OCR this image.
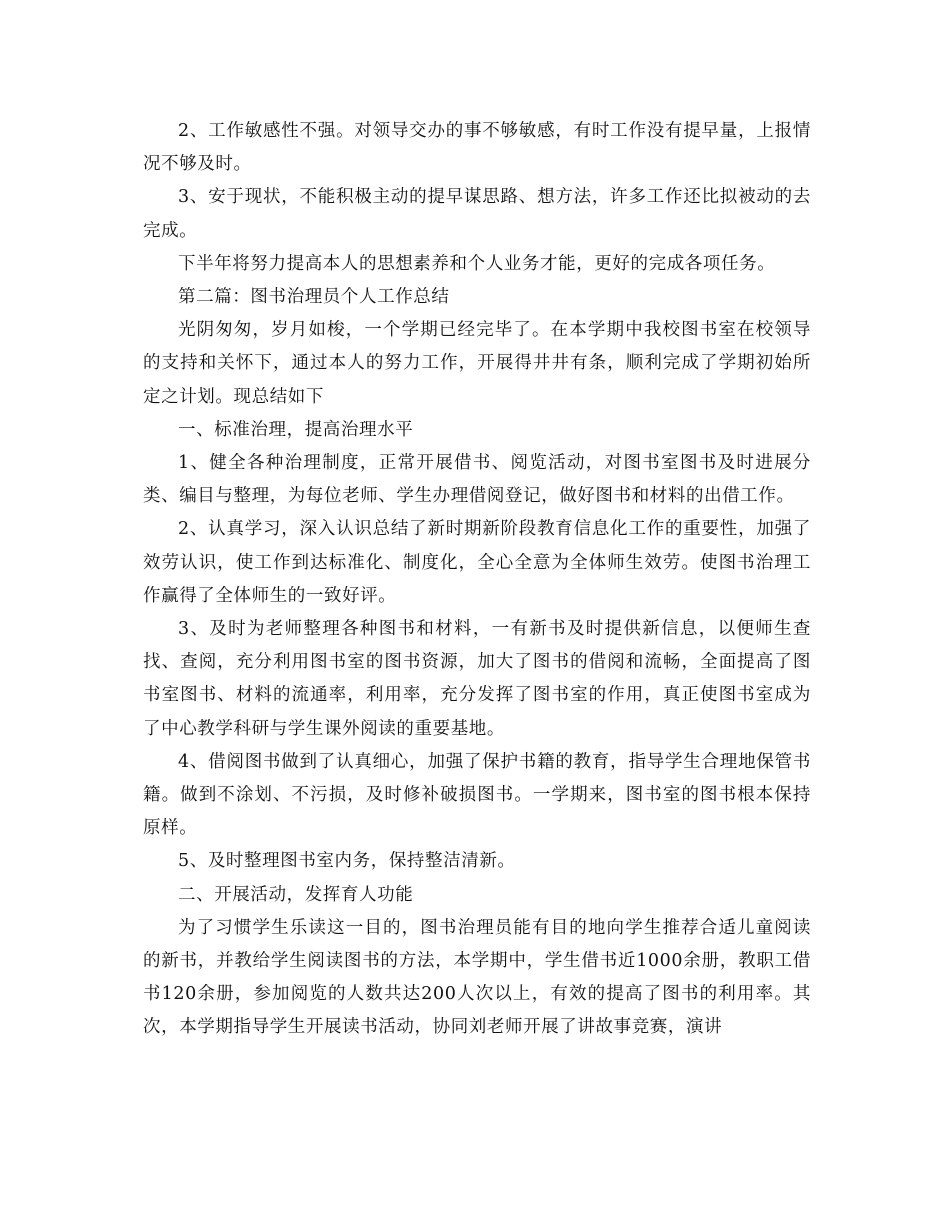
2、工作敏感性不强。对领导交办的事不够敏感，有时工作没有提早量，上报情况不够及时。

3、安于现状，不能积极主动的提早谋思路、想方法，许多工作还比拟被动的去完成。

下半年将努力提高本人的思想素养和个人业务才能，更好的完成各项任务。

第二篇：图书治理员个人工作总结

光阴匆匆，岁月如梭，一个学期已经完毕了。在本学期中我校图书室在校领导的支持和关怀下，通过本人的努力工作，开展得井井有条，顺利完成了学期初始所定之计划。现总结如下

一、标准治理，提高治理水平

1、健全各种治理制度，正常开展借书、阅览活动，对图书室图书及时进展分类、编目与整理，为每位老师、学生办理借阅登记，做好图书和材料的出借工作。

2、认真学习，深入认识总结了新时期新阶段教育信息化工作的重要性，加强了效劳认识，使工作到达标准化、制度化，全心全意为全体师生效劳。使图书治理工作赢得了全体师生的一致好评。

3、及时为老师整理各种图书和材料，一有新书及时提供新信息，以便师生查找、查阅，充分利用图书室的图书资源，加大了图书的借阅和流畅，全面提高了图书室图书、材料的流通率，利用率，充分发挥了图书室的作用，真正使图书室成为了中心教学科研与学生课外阅读的重要基地。

4、借阅图书做到了认真细心，加强了保护书籍的教育，指导学生合理地保管书籍。做到不涂划、不污损，及时修补破损图书。一学期来，图书室的图书根本保持原样。

5、及时整理图书室内务，保持整洁清新。

二、开展活动，发挥育人功能

为了习惯学生乐读这一目的，图书治理员能有目的地向学生推荐合适儿童阅读的新书，并教给学生阅读图书的方法，本学期中，学生借书近1000余册，教职工借书120余册，参加阅览的人数共达200人次以上，有效的提高了图书的利用率。其次，本学期指导学生开展读书活动，协同刘老师开展了讲故事竞赛，演讲
